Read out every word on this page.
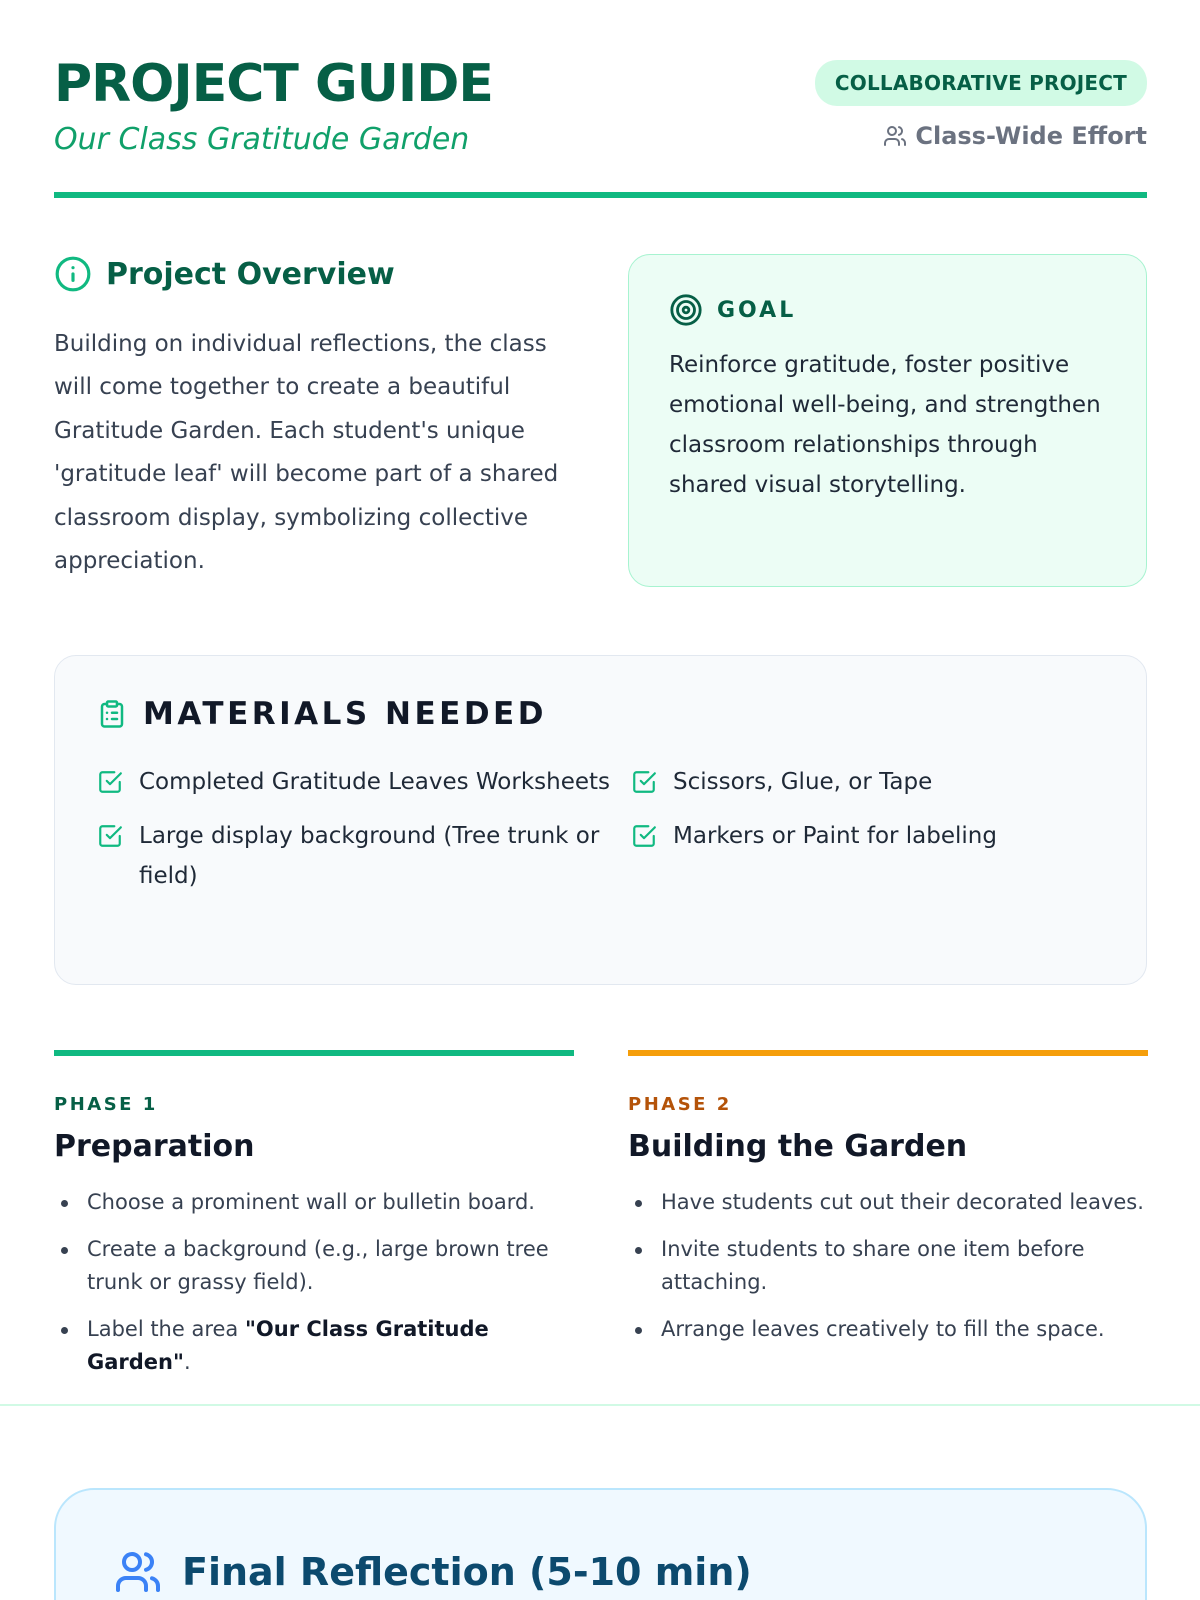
PROJECT GUIDE
Our Class Gratitude Garden
COLLABORATIVE PROJECT
Class-Wide Effort
Project Overview

Building on individual reflections, the class will come together to create a beautiful Gratitude Garden. Each student's unique 'gratitude leaf' will become part of a shared classroom display, symbolizing collective appreciation.

GOAL

Reinforce gratitude, foster positive emotional well-being, and strengthen classroom relationships through shared visual storytelling.

MATERIALS NEEDED
Completed Gratitude Leaves Worksheets	Scissors, Glue, or Tape
Large display background (Tree trunk or field)
Markers or Paint for labeling
PHASE 1
Preparation
Choose a prominent wall or bulletin board.
Create a background (e.g., large brown tree trunk or grassy field).
Label the area "Our Class Gratitude Garden".
PHASE 2
Building the Garden
Have students cut out their decorated leaves.
Invite students to share one item before attaching.
Arrange leaves creatively to fill the space.
Final Reflection (5-10 min)
